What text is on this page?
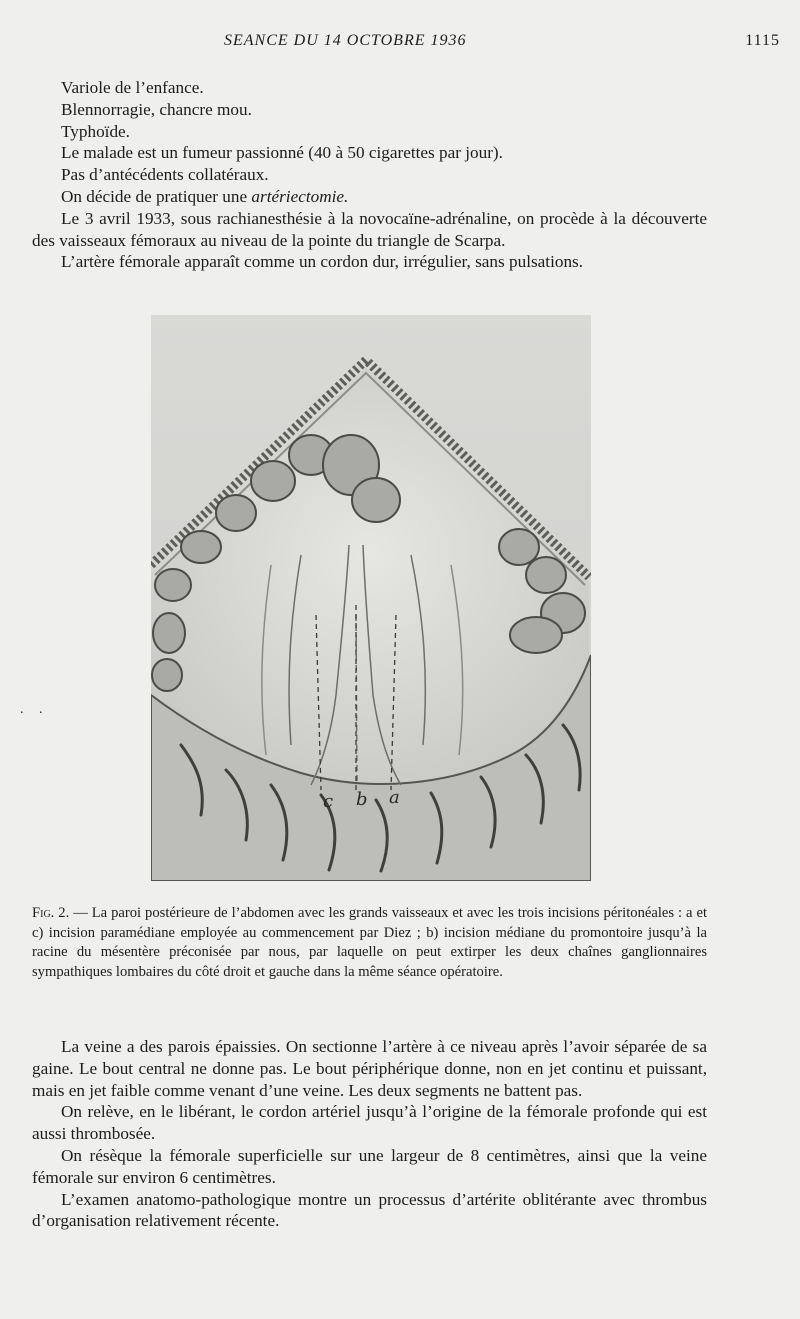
SEANCE DU 14 OCTOBRE 1936	1115

Variole de l’enfance.

Blennorragie, chancre mou.

Typhoïde.

Le malade est un fumeur passionné (40 à 50 cigarettes par jour).

Pas d’antécédents collatéraux.

On décide de pratiquer une artériectomie.

Le 3 avril 1933, sous rachianesthésie à la novocaïne-adrénaline, on procède à la découverte des vaisseaux fémoraux au niveau de la pointe du triangle de Scarpa.

L’artère fémorale apparaît comme un cordon dur, irrégulier, sans pulsations.

c b a
Fig. 2. — La paroi postérieure de l’abdomen avec les grands vaisseaux et avec les trois incisions péritonéales : a et c) incision paramédiane employée au commencement par Diez ; b) incision médiane du promontoire jusqu’à la racine du mésentère préconisée par nous, par laquelle on peut extirper les deux chaînes ganglionnaires sympathiques lombaires du côté droit et gauche dans la même séance opératoire.
. .

La veine a des parois épaissies. On sectionne l’artère à ce niveau après l’avoir séparée de sa gaine. Le bout central ne donne pas. Le bout périphérique donne, non en jet continu et puissant, mais en jet faible comme venant d’une veine. Les deux segments ne battent pas.

On relève, en le libérant, le cordon artériel jusqu’à l’origine de la fémorale profonde qui est aussi thrombosée.

On résèque la fémorale superficielle sur une largeur de 8 centimètres, ainsi que la veine fémorale sur environ 6 centimètres.

L’examen anatomo-pathologique montre un processus d’artérite oblitérante avec thrombus d’organisation relativement récente.
